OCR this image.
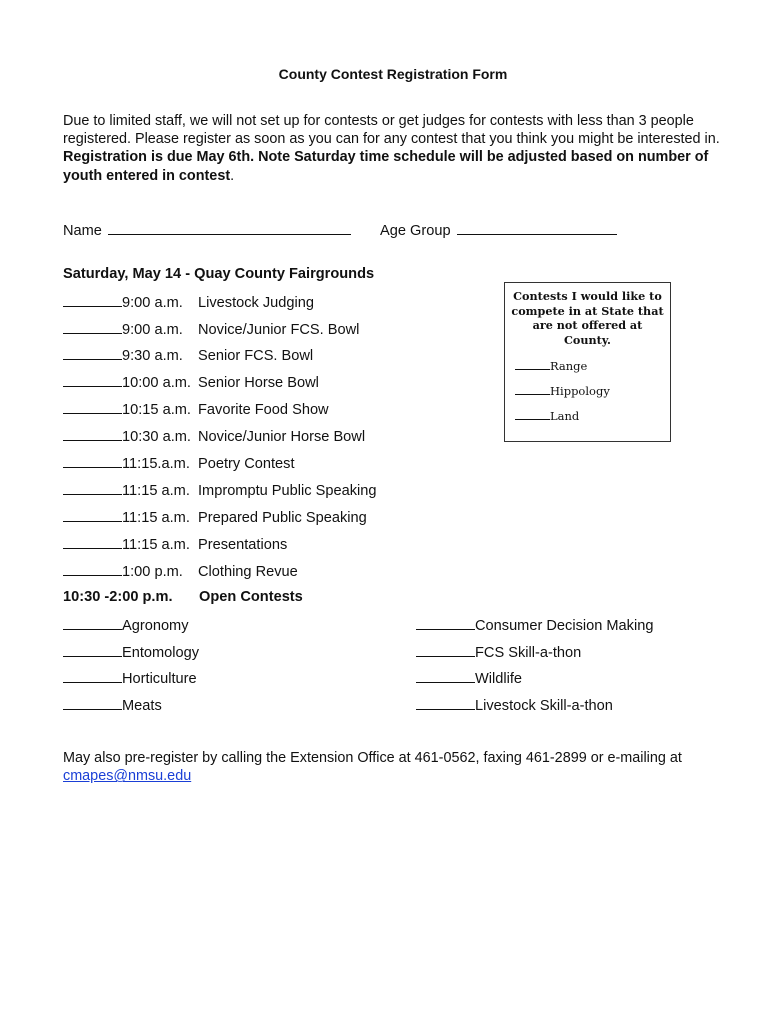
County Contest Registration Form
Due to limited staff, we will not set up for contests or get judges for contests with less than 3 people registered. Please register as soon as you can for any contest that you think you might be interested in. Registration is due May 6th. Note Saturday time schedule will be adjusted based on number of youth entered in contest.
Name	Age Group
Saturday, May 14 - Quay County Fairgrounds
9:00 a.m. Livestock Judging
9:00 a.m. Novice/Junior FCS. Bowl
9:30 a.m. Senior FCS. Bowl
10:00 a.m. Senior Horse Bowl
10:15 a.m. Favorite Food Show
10:30 a.m. Novice/Junior Horse Bowl
11:15.a.m. Poetry Contest
11:15 a.m. Impromptu Public Speaking
11:15 a.m. Prepared Public Speaking
11:15 a.m. Presentations
1:00 p.m. Clothing Revue
10:30 -2:00 p.m. Open Contests
Agronomy
Entomology
Horticulture
Meats
Consumer Decision Making
FCS Skill-a-thon
Wildlife
Livestock Skill-a-thon
Contests I would like to compete in at State that are not offered at County.
Range
Hippology
Land
May also pre-register by calling the Extension Office at 461-0562, faxing 461-2899 or e-mailing at
cmapes@nmsu.edu
